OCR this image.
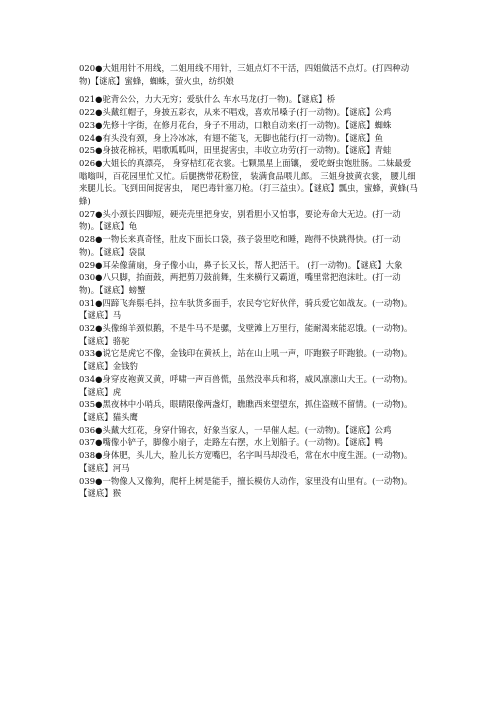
020●大姐用针不用线，二姐用线不用针，三姐点灯不干活，四姐做活不点灯。(打四种动物)【谜底】蜜蜂，蜘蛛，萤火虫，纺织娘

021●驼背公公，力大无穷；爱驮什么 车水马龙(打一物)。【谜底】桥

022●头戴红帽子，身披五彩衣，从来不唱戏，喜欢吊嗓子(打一动物)。【谜底】公鸡

023●先修十字街，在修月花台，身子不用动，口粮自动来(打一动物)。【谜底】蜘蛛

024●有头没有颈，身上冷冰冰，有翅不能飞，无脚也能行(打一动物)。【谜底】鱼

025●身披花棉袄，唱歌呱呱叫，田里捉害虫，丰收立功劳(打一动物)。【谜底】青蛙

026●大姐长的真漂亮， 身穿桔红花衣裳。七颗黑星上面镶， 爱吃蚜虫饱肚肠。二妹最爱嗡嗡叫，百花园里忙又忙。后腿携带花粉筐， 装满食品喂儿郎。 三姐身披黄衣裳， 腰儿细来腿儿长。飞到田间捉害虫， 尾巴毒针塞刀枪。（打三益虫）。【谜底】瓢虫，蜜蜂，黄蜂(马蜂)

027●头小颈长四脚短，硬壳壳里把身安，别看胆小又怕事，要论寿命大无边。(打一动物)。【谜底】龟

028●一物长来真奇怪，肚皮下面长口袋，孩子袋里吃和睡，跑得不快跳得快。(打一动物)。【谜底】袋鼠

029●耳朵像蒲扇，身子像小山，鼻子长又长，帮人把活干。 (打一动物)。【谜底】大象

030●八只脚，抬面鼓，两把剪刀鼓前舞，生来横行又霸道，嘴里常把泡沫吐。(打一动物)。【谜底】螃蟹

031●四蹄飞奔鬃毛抖，拉车驮货多面手，农民夸它好伙伴，骑兵爱它如战友。(一动物)。【谜底】马

032●头像绵羊颈似鹅，不是牛马不是骡，戈壁滩上万里行，能耐渴来能忍饿。(一动物)。【谜底】骆驼

033●说它是虎它不像，金钱印在黄袄上，站在山上吼一声，吓跑猴子吓跑狼。(一动物)。【谜底】金钱豹

034●身穿皮袍黄又黄，呼啸一声百兽慌，虽然没率兵和将，威风凛凛山大王。(一动物)。【谜底】虎

035●黑夜林中小哨兵，眼睛限像两盏灯，瞧瞧西来望望东，抓住盗贼不留情。(一动物)。【谜底】猫头鹰

036●头戴大红花，身穿什锦衣，好象当家人，一早催人起。(一动物)。【谜底】公鸡

037●嘴像小铲子，脚像小扇子，走路左右摆，水上划船子。(一动物)。【谜底】鸭

038●身体肥，头儿大，脸儿长方宽嘴巴，名字叫马却没毛，常在水中度生涯。(一动物)。【谜底】河马

039●一物像人又像狗，爬杆上树是能手，擅长模仿人动作，家里没有山里有。(一动物)。【谜底】猴
